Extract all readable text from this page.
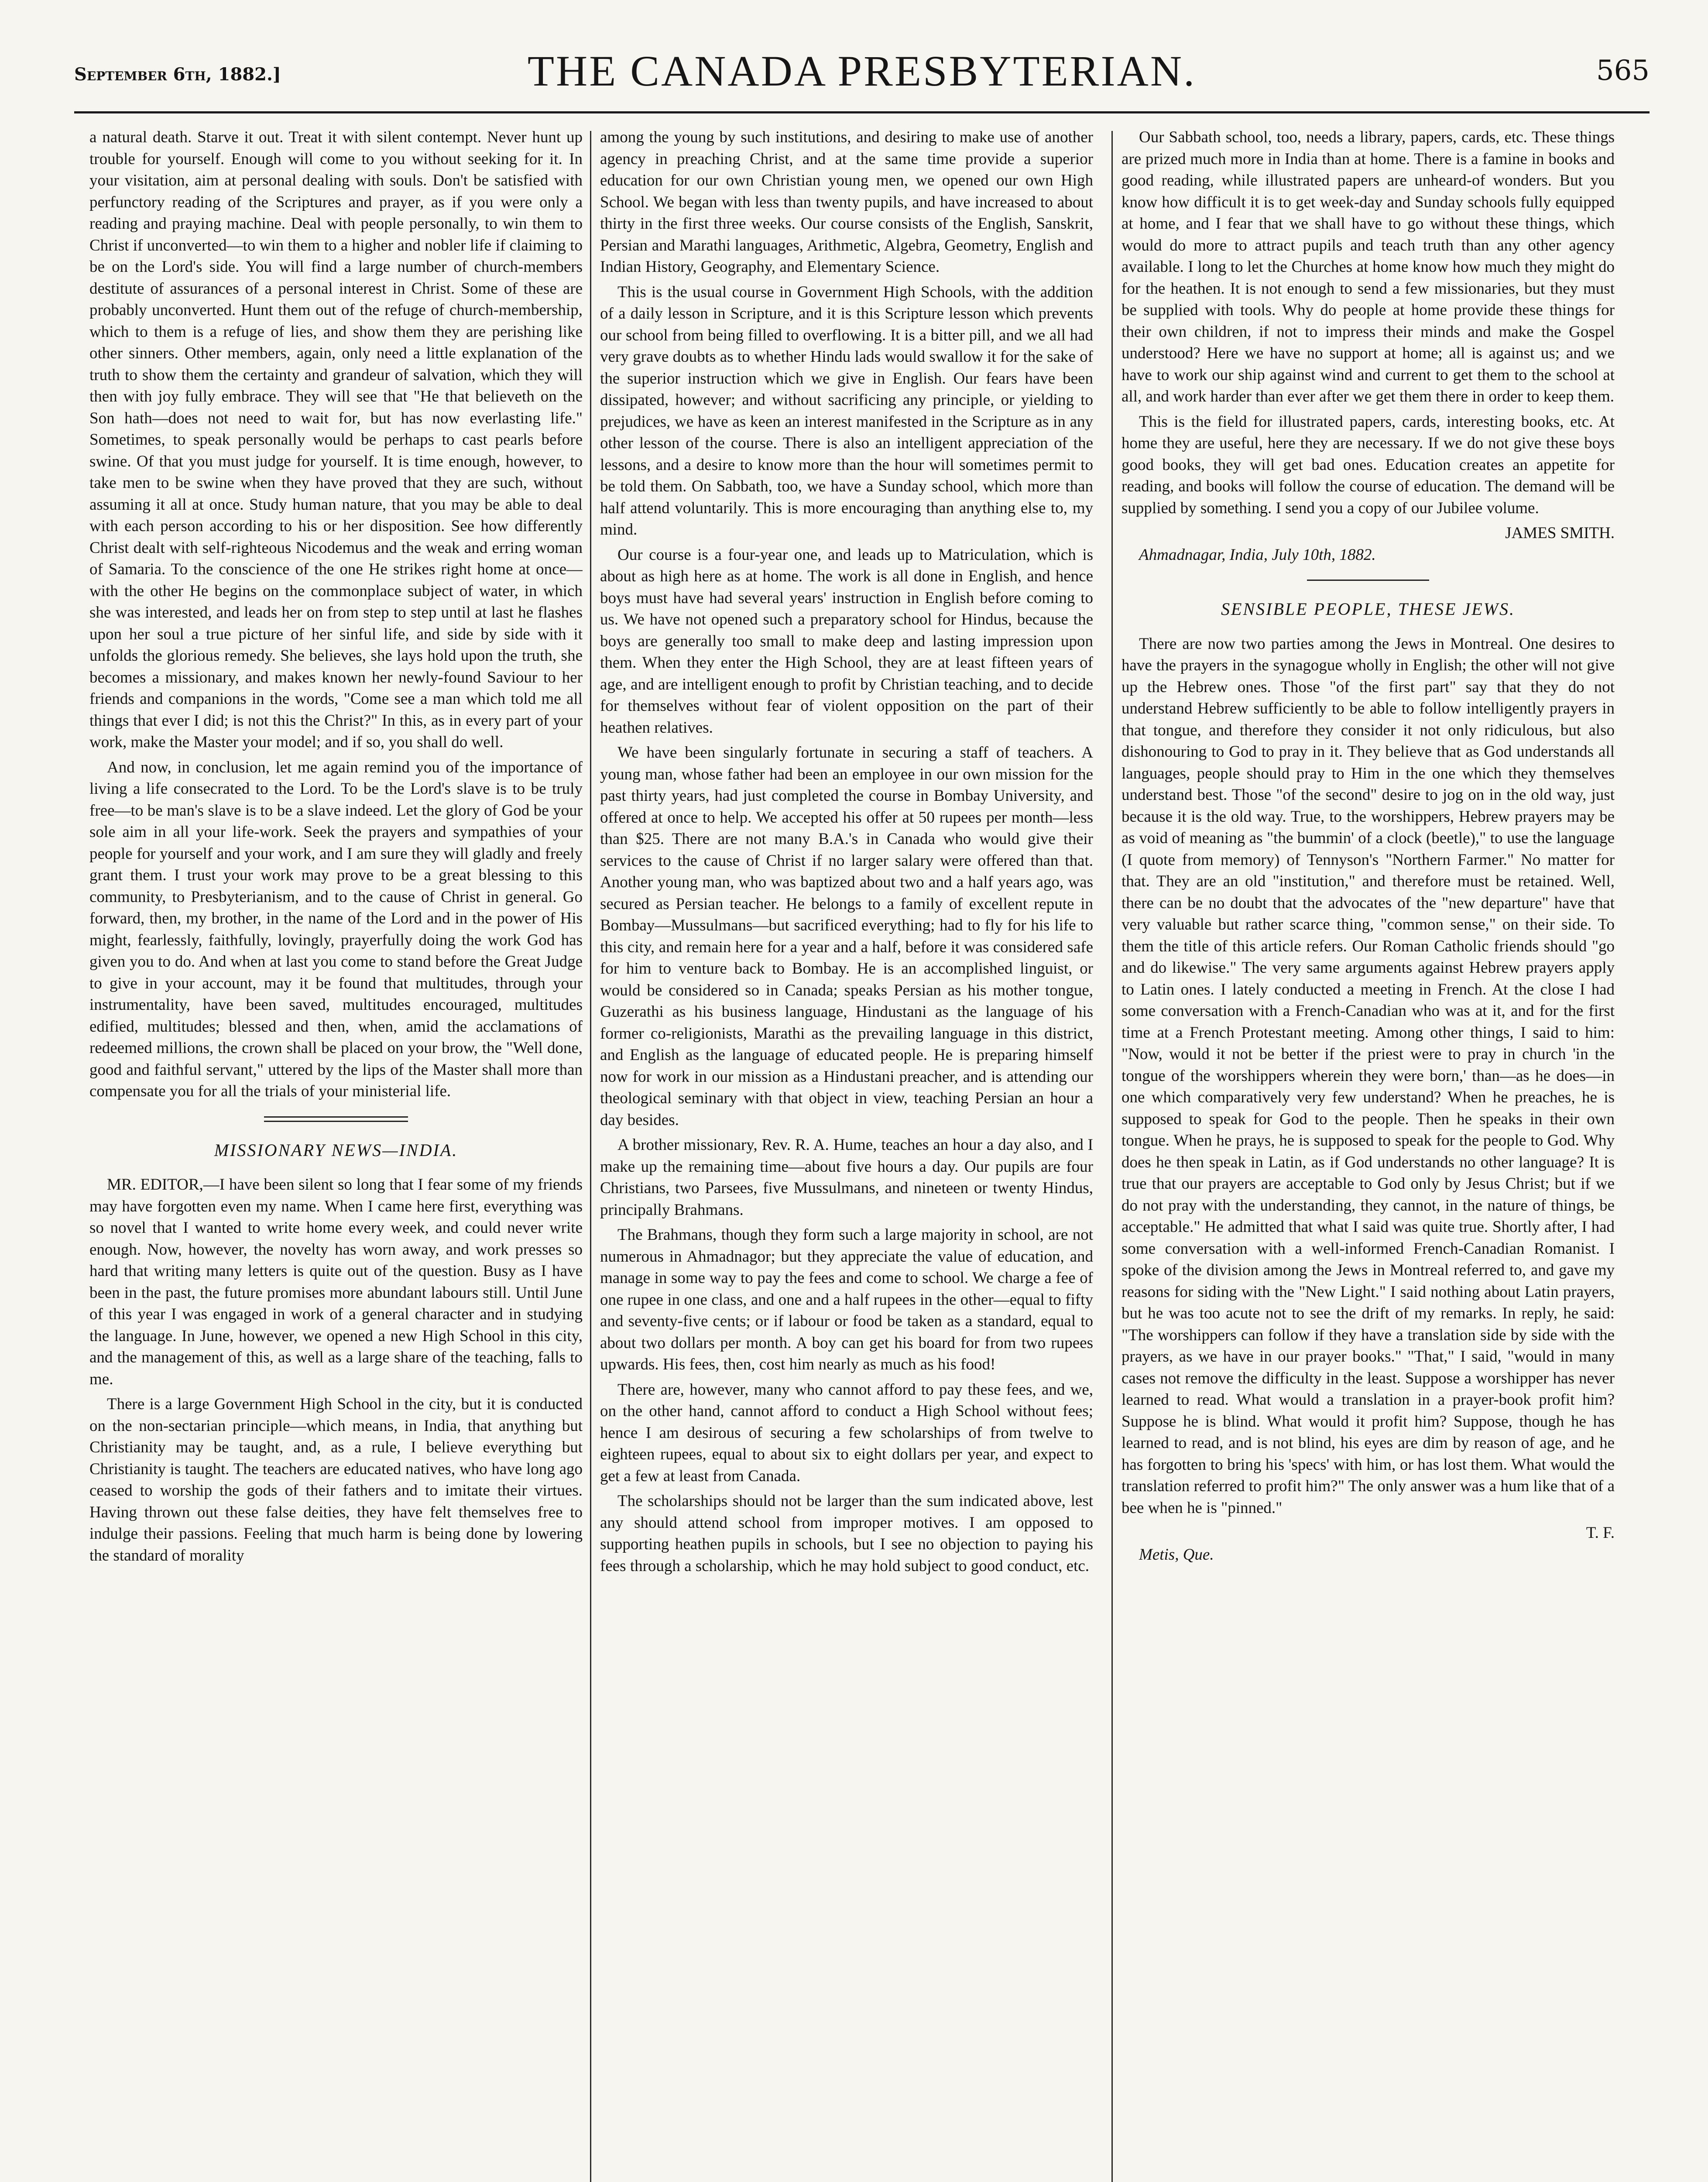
September 6th, 1882.]	THE CANADA PRESBYTERIAN.	565

a natural death. Starve it out. Treat it with silent contempt. Never hunt up trouble for yourself. Enough will come to you without seeking for it. In your visitation, aim at personal dealing with souls. Don't be satisfied with perfunctory reading of the Scriptures and prayer, as if you were only a reading and praying machine. Deal with people personally, to win them to Christ if unconverted—to win them to a higher and nobler life if claiming to be on the Lord's side. You will find a large number of church-members destitute of assurances of a personal interest in Christ. Some of these are probably unconverted. Hunt them out of the refuge of church-membership, which to them is a refuge of lies, and show them they are perishing like other sinners. Other members, again, only need a little explanation of the truth to show them the certainty and grandeur of salvation, which they will then with joy fully embrace. They will see that "He that believeth on the Son hath—does not need to wait for, but has now everlasting life." Sometimes, to speak personally would be perhaps to cast pearls before swine. Of that you must judge for yourself. It is time enough, however, to take men to be swine when they have proved that they are such, without assuming it all at once. Study human nature, that you may be able to deal with each person according to his or her disposition. See how differently Christ dealt with self-righteous Nicodemus and the weak and erring woman of Samaria. To the conscience of the one He strikes right home at once—with the other He begins on the commonplace subject of water, in which she was interested, and leads her on from step to step until at last he flashes upon her soul a true picture of her sinful life, and side by side with it unfolds the glorious remedy. She believes, she lays hold upon the truth, she becomes a missionary, and makes known her newly-found Saviour to her friends and companions in the words, "Come see a man which told me all things that ever I did; is not this the Christ?" In this, as in every part of your work, make the Master your model; and if so, you shall do well.

And now, in conclusion, let me again remind you of the importance of living a life consecrated to the Lord. To be the Lord's slave is to be truly free—to be man's slave is to be a slave indeed. Let the glory of God be your sole aim in all your life-work. Seek the prayers and sympathies of your people for yourself and your work, and I am sure they will gladly and freely grant them. I trust your work may prove to be a great blessing to this community, to Presbyterianism, and to the cause of Christ in general. Go forward, then, my brother, in the name of the Lord and in the power of His might, fearlessly, faithfully, lovingly, prayerfully doing the work God has given you to do. And when at last you come to stand before the Great Judge to give in your account, may it be found that multitudes, through your instrumentality, have been saved, multitudes encouraged, multitudes edified, multitudes; blessed and then, when, amid the acclamations of redeemed millions, the crown shall be placed on your brow, the "Well done, good and faithful servant," uttered by the lips of the Master shall more than compensate you for all the trials of your ministerial life.

MISSIONARY NEWS—INDIA.

MR. EDITOR,—I have been silent so long that I fear some of my friends may have forgotten even my name. When I came here first, everything was so novel that I wanted to write home every week, and could never write enough. Now, however, the novelty has worn away, and work presses so hard that writing many letters is quite out of the question. Busy as I have been in the past, the future promises more abundant labours still. Until June of this year I was engaged in work of a general character and in studying the language. In June, however, we opened a new High School in this city, and the management of this, as well as a large share of the teaching, falls to me.

There is a large Government High School in the city, but it is conducted on the non-sectarian principle—which means, in India, that anything but Christianity may be taught, and, as a rule, I believe everything but Christianity is taught. The teachers are educated natives, who have long ago ceased to worship the gods of their fathers and to imitate their virtues. Having thrown out these false deities, they have felt themselves free to indulge their passions. Feeling that much harm is being done by lowering the standard of morality

among the young by such institutions, and desiring to make use of another agency in preaching Christ, and at the same time provide a superior education for our own Christian young men, we opened our own High School. We began with less than twenty pupils, and have increased to about thirty in the first three weeks. Our course consists of the English, Sanskrit, Persian and Marathi languages, Arithmetic, Algebra, Geometry, English and Indian History, Geography, and Elementary Science.

This is the usual course in Government High Schools, with the addition of a daily lesson in Scripture, and it is this Scripture lesson which prevents our school from being filled to overflowing. It is a bitter pill, and we all had very grave doubts as to whether Hindu lads would swallow it for the sake of the superior instruction which we give in English. Our fears have been dissipated, however; and without sacrificing any principle, or yielding to prejudices, we have as keen an interest manifested in the Scripture as in any other lesson of the course. There is also an intelligent appreciation of the lessons, and a desire to know more than the hour will sometimes permit to be told them. On Sabbath, too, we have a Sunday school, which more than half attend voluntarily. This is more encouraging than anything else to, my mind.

Our course is a four-year one, and leads up to Matriculation, which is about as high here as at home. The work is all done in English, and hence boys must have had several years' instruction in English before coming to us. We have not opened such a preparatory school for Hindus, because the boys are generally too small to make deep and lasting impression upon them. When they enter the High School, they are at least fifteen years of age, and are intelligent enough to profit by Christian teaching, and to decide for themselves without fear of violent opposition on the part of their heathen relatives.

We have been singularly fortunate in securing a staff of teachers. A young man, whose father had been an employee in our own mission for the past thirty years, had just completed the course in Bombay University, and offered at once to help. We accepted his offer at 50 rupees per month—less than $25. There are not many B.A.'s in Canada who would give their services to the cause of Christ if no larger salary were offered than that. Another young man, who was baptized about two and a half years ago, was secured as Persian teacher. He belongs to a family of excellent repute in Bombay—Mussulmans—but sacrificed everything; had to fly for his life to this city, and remain here for a year and a half, before it was considered safe for him to venture back to Bombay. He is an accomplished linguist, or would be considered so in Canada; speaks Persian as his mother tongue, Guzerathi as his business language, Hindustani as the language of his former co-religionists, Marathi as the prevailing language in this district, and English as the language of educated people. He is preparing himself now for work in our mission as a Hindustani preacher, and is attending our theological seminary with that object in view, teaching Persian an hour a day besides.

A brother missionary, Rev. R. A. Hume, teaches an hour a day also, and I make up the remaining time—about five hours a day. Our pupils are four Christians, two Parsees, five Mussulmans, and nineteen or twenty Hindus, principally Brahmans.

The Brahmans, though they form such a large majority in school, are not numerous in Ahmadnagor; but they appreciate the value of education, and manage in some way to pay the fees and come to school. We charge a fee of one rupee in one class, and one and a half rupees in the other—equal to fifty and seventy-five cents; or if labour or food be taken as a standard, equal to about two dollars per month. A boy can get his board for from two rupees upwards. His fees, then, cost him nearly as much as his food!

There are, however, many who cannot afford to pay these fees, and we, on the other hand, cannot afford to conduct a High School without fees; hence I am desirous of securing a few scholarships of from twelve to eighteen rupees, equal to about six to eight dollars per year, and expect to get a few at least from Canada.

The scholarships should not be larger than the sum indicated above, lest any should attend school from improper motives. I am opposed to supporting heathen pupils in schools, but I see no objection to paying his fees through a scholarship, which he may hold subject to good conduct, etc.

Our Sabbath school, too, needs a library, papers, cards, etc. These things are prized much more in India than at home. There is a famine in books and good reading, while illustrated papers are unheard-of wonders. But you know how difficult it is to get week-day and Sunday schools fully equipped at home, and I fear that we shall have to go without these things, which would do more to attract pupils and teach truth than any other agency available. I long to let the Churches at home know how much they might do for the heathen. It is not enough to send a few missionaries, but they must be supplied with tools. Why do people at home provide these things for their own children, if not to impress their minds and make the Gospel understood? Here we have no support at home; all is against us; and we have to work our ship against wind and current to get them to the school at all, and work harder than ever after we get them there in order to keep them.

This is the field for illustrated papers, cards, interesting books, etc. At home they are useful, here they are necessary. If we do not give these boys good books, they will get bad ones. Education creates an appetite for reading, and books will follow the course of education. The demand will be supplied by something. I send you a copy of our Jubilee volume.

JAMES SMITH.
Ahmadnagar, India, July 10th, 1882.
SENSIBLE PEOPLE, THESE JEWS.

There are now two parties among the Jews in Montreal. One desires to have the prayers in the synagogue wholly in English; the other will not give up the Hebrew ones. Those "of the first part" say that they do not understand Hebrew sufficiently to be able to follow intelligently prayers in that tongue, and therefore they consider it not only ridiculous, but also dishonouring to God to pray in it. They believe that as God understands all languages, people should pray to Him in the one which they themselves understand best. Those "of the second" desire to jog on in the old way, just because it is the old way. True, to the worshippers, Hebrew prayers may be as void of meaning as "the bummin' of a clock (beetle)," to use the language (I quote from memory) of Tennyson's "Northern Farmer." No matter for that. They are an old "institution," and therefore must be retained. Well, there can be no doubt that the advocates of the "new departure" have that very valuable but rather scarce thing, "common sense," on their side. To them the title of this article refers. Our Roman Catholic friends should "go and do likewise." The very same arguments against Hebrew prayers apply to Latin ones. I lately conducted a meeting in French. At the close I had some conversation with a French-Canadian who was at it, and for the first time at a French Protestant meeting. Among other things, I said to him: "Now, would it not be better if the priest were to pray in church 'in the tongue of the worshippers wherein they were born,' than—as he does—in one which comparatively very few understand? When he preaches, he is supposed to speak for God to the people. Then he speaks in their own tongue. When he prays, he is supposed to speak for the people to God. Why does he then speak in Latin, as if God understands no other language? It is true that our prayers are acceptable to God only by Jesus Christ; but if we do not pray with the understanding, they cannot, in the nature of things, be acceptable." He admitted that what I said was quite true. Shortly after, I had some conversation with a well-informed French-Canadian Romanist. I spoke of the division among the Jews in Montreal referred to, and gave my reasons for siding with the "New Light." I said nothing about Latin prayers, but he was too acute not to see the drift of my remarks. In reply, he said: "The worshippers can follow if they have a translation side by side with the prayers, as we have in our prayer books." "That," I said, "would in many cases not remove the difficulty in the least. Suppose a worshipper has never learned to read. What would a translation in a prayer-book profit him? Suppose he is blind. What would it profit him? Suppose, though he has learned to read, and is not blind, his eyes are dim by reason of age, and he has forgotten to bring his 'specs' with him, or has lost them. What would the translation referred to profit him?" The only answer was a hum like that of a bee when he is "pinned."

T. F.
Metis, Que.
